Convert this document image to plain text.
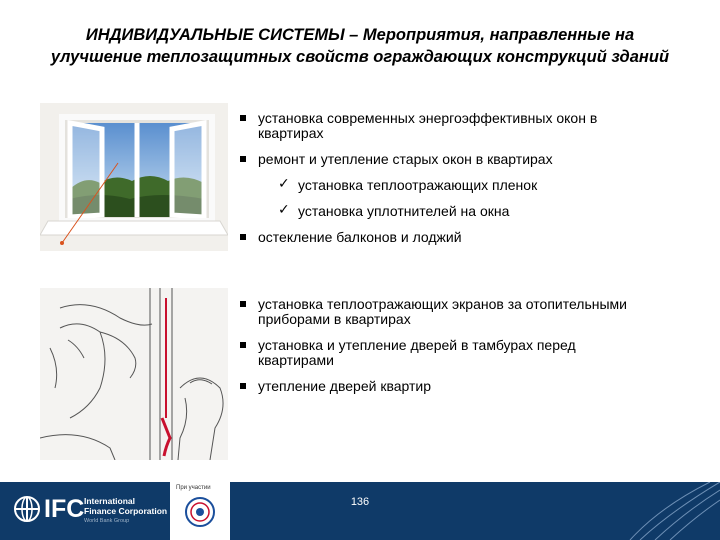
ИНДИВИДУАЛЬНЫЕ СИСТЕМЫ – Мероприятия, направленные на
улучшение теплозащитных свойств ограждающих конструкций зданий
установка современных энергоэффективных окон в
квартирах
ремонт и утепление старых окон в квартирах
✓ установка теплоотражающих пленок
✓ установка уплотнителей на окна
остекление балконов и лоджий
установка теплоотражающих экранов за отопительными
приборами в квартирах
установка и утепление дверей в тамбурах перед
квартирами
утепление дверей квартир
IFC International
Finance Corporation
World Bank Group
При участии
136
